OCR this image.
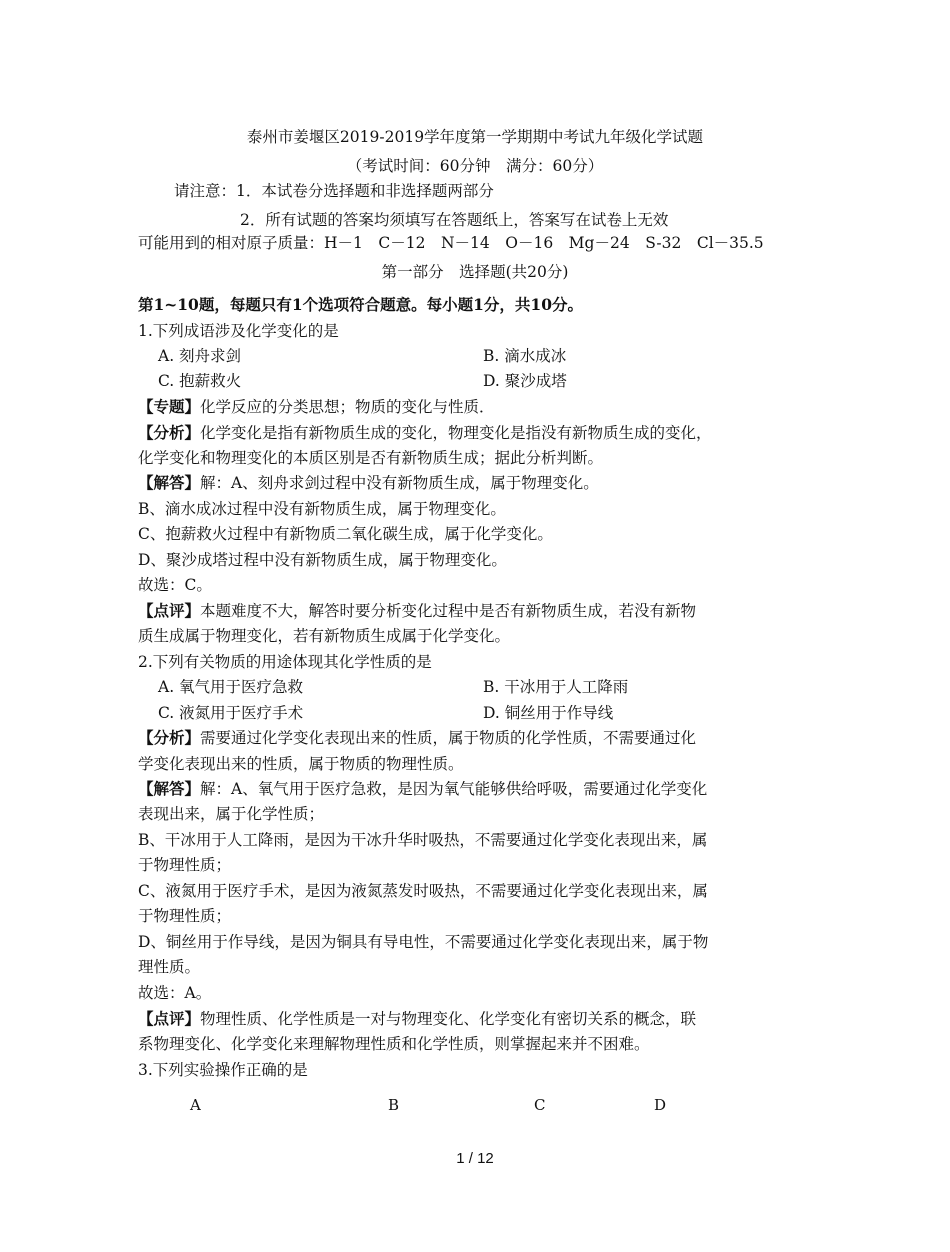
泰州市姜堰区2019-2019学年度第一学期期中考试九年级化学试题
（考试时间：60分钟　满分：60分）
请注意：1．本试卷分选择题和非选择题两部分
2．所有试题的答案均须填写在答题纸上，答案写在试卷上无效
可能用到的相对原子质量：H－1　C－12　N－14　O－16　Mg－24　S-32　Cl－35.5
第一部分　选择题(共20分)
第1~10题，每题只有1个选项符合题意。每小题1分，共10分。
1.下列成语涉及化学变化的是
A. 刻舟求剑	B. 滴水成冰
C. 抱薪救火	D. 聚沙成塔
【专题】化学反应的分类思想；物质的变化与性质．
【分析】化学变化是指有新物质生成的变化，物理变化是指没有新物质生成的变化，
化学变化和物理变化的本质区别是否有新物质生成；据此分析判断。
【解答】解：A、刻舟求剑过程中没有新物质生成，属于物理变化。
B、滴水成冰过程中没有新物质生成，属于物理变化。
C、抱薪救火过程中有新物质二氧化碳生成，属于化学变化。
D、聚沙成塔过程中没有新物质生成，属于物理变化。
故选：C。
【点评】本题难度不大，解答时要分析变化过程中是否有新物质生成，若没有新物
质生成属于物理变化，若有新物质生成属于化学变化。
2.下列有关物质的用途体现其化学性质的是
A. 氧气用于医疗急救	B. 干冰用于人工降雨
C. 液氮用于医疗手术	D. 铜丝用于作导线
【分析】需要通过化学变化表现出来的性质，属于物质的化学性质，不需要通过化
学变化表现出来的性质，属于物质的物理性质。
【解答】解：A、氧气用于医疗急救，是因为氧气能够供给呼吸，需要通过化学变化
表现出来，属于化学性质；
B、干冰用于人工降雨，是因为干冰升华时吸热，不需要通过化学变化表现出来，属
于物理性质；
C、液氮用于医疗手术，是因为液氮蒸发时吸热，不需要通过化学变化表现出来，属
于物理性质；
D、铜丝用于作导线，是因为铜具有导电性，不需要通过化学变化表现出来，属于物
理性质。
故选：A。
【点评】物理性质、化学性质是一对与物理变化、化学变化有密切关系的概念，联
系物理变化、化学变化来理解物理性质和化学性质，则掌握起来并不困难。
3.下列实验操作正确的是
A	B	C	D
1 / 12
